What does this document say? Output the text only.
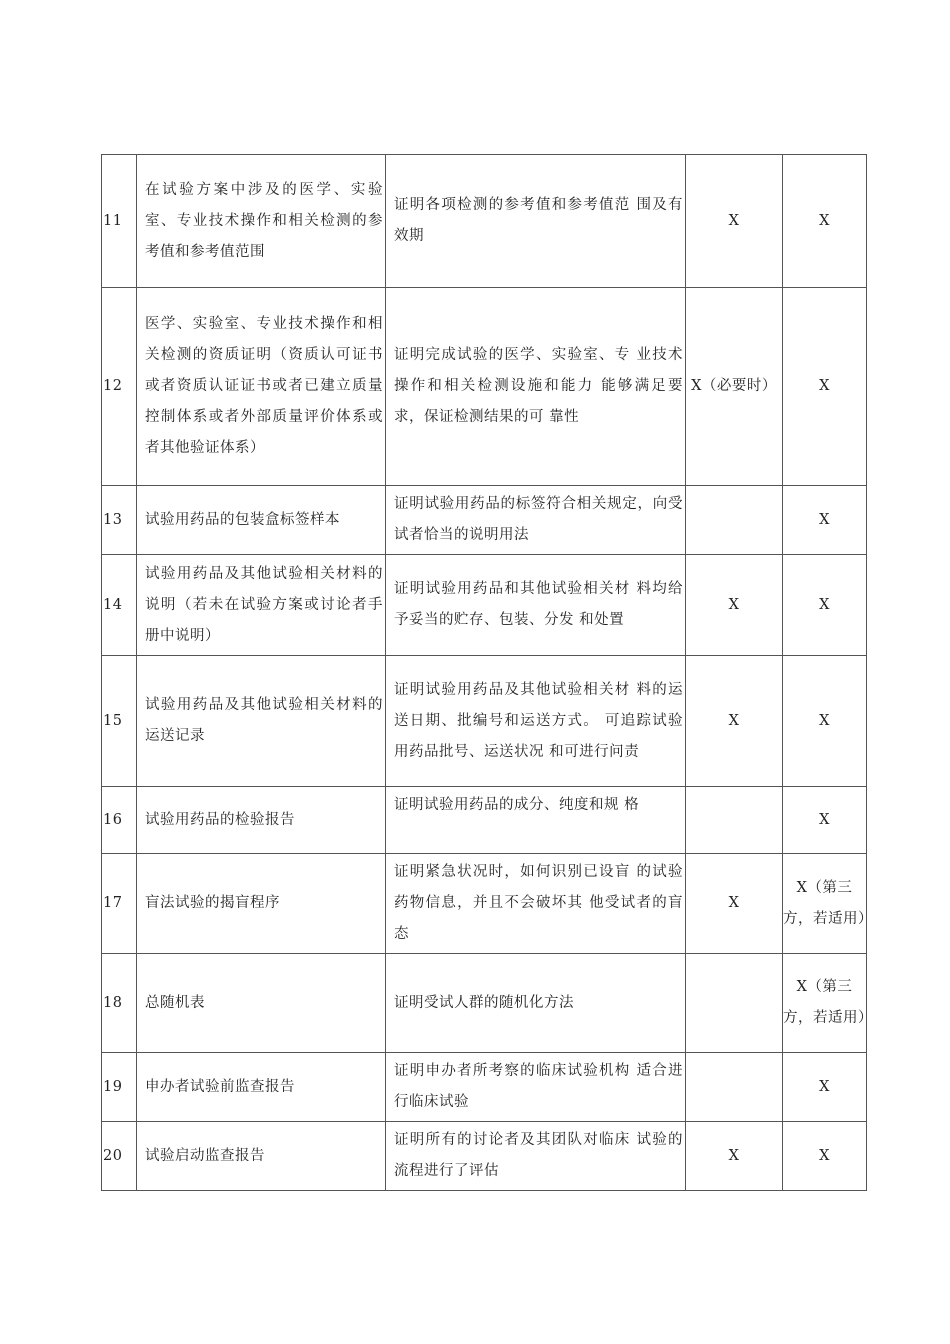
11	在试验方案中涉及的医学、实验室、专业技术操作和相关检测的参考值和参考值范围	证明各项检测的参考值和参考值范 围及有效期	X	X
12	医学、实验室、专业技术操作和相关检测的资质证明（资质认可证书或者资质认证证书或者已建立质量控制体系或者外部质量评价体系或者其他验证体系）	证明完成试验的医学、实验室、专 业技术操作和相关检测设施和能力 能够满足要求，保证检测结果的可 靠性	X（必要时）	X
13	试验用药品的包装盒标签样本	证明试验用药品的标签符合相关规定，向受试者恰当的说明用法		X
14	试验用药品及其他试验相关材料的说明（若未在试验方案或讨论者手册中说明）	证明试验用药品和其他试验相关材 料均给予妥当的贮存、包装、分发 和处置	X	X
15	试验用药品及其他试验相关材料的运送记录	证明试验用药品及其他试验相关材 料的运送日期、批编号和运送方式。 可追踪试验用药品批号、运送状况 和可进行问责	X	X
16	试验用药品的检验报告	证明试验用药品的成分、纯度和规 格		X
17	盲法试验的揭盲程序	证明紧急状况时，如何识别已设盲 的试验药物信息，并且不会破坏其 他受试者的盲态	X	X（第三方，若适用）
18	总随机表	证明受试人群的随机化方法		X（第三方，若适用）
19	申办者试验前监查报告	证明申办者所考察的临床试验机构 适合进行临床试验		X
20	试验启动监查报告	证明所有的讨论者及其团队对临床 试验的流程进行了评估	X	X
